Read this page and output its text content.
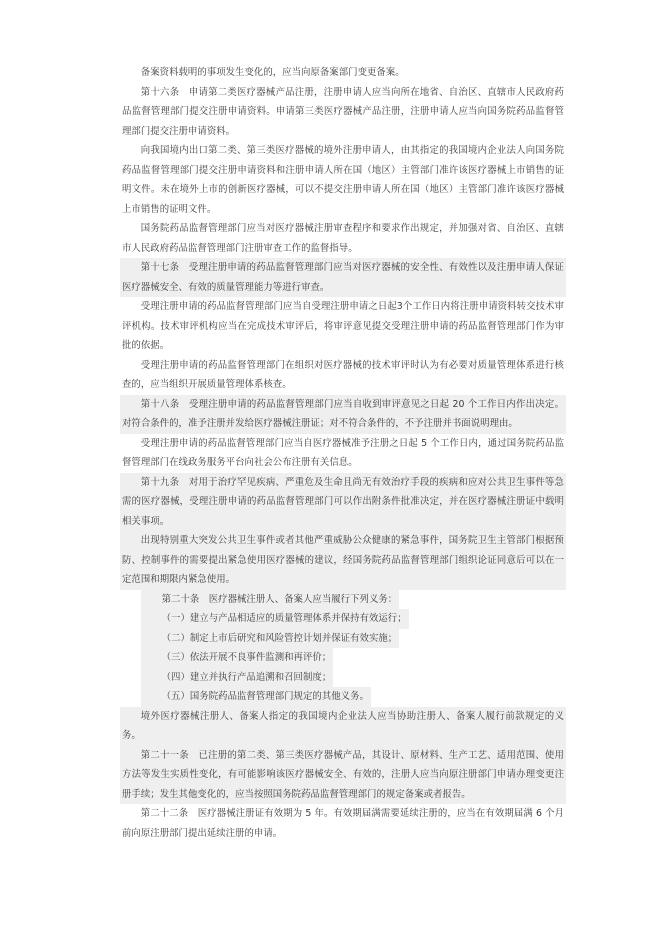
备案资料载明的事项发生变化的，应当向原备案部门变更备案。

第十六条　申请第二类医疗器械产品注册，注册申请人应当向所在地省、自治区、直辖市人民政府药品监督管理部门提交注册申请资料。申请第三类医疗器械产品注册，注册申请人应当向国务院药品监督管理部门提交注册申请资料。

向我国境内出口第二类、第三类医疗器械的境外注册申请人，由其指定的我国境内企业法人向国务院药品监督管理部门提交注册申请资料和注册申请人所在国（地区）主管部门准许该医疗器械上市销售的证明文件。未在境外上市的创新医疗器械，可以不提交注册申请人所在国（地区）主管部门准许该医疗器械上市销售的证明文件。

国务院药品监督管理部门应当对医疗器械注册审查程序和要求作出规定，并加强对省、自治区、直辖市人民政府药品监督管理部门注册审查工作的监督指导。

第十七条　受理注册申请的药品监督管理部门应当对医疗器械的安全性、有效性以及注册申请人保证医疗器械安全、有效的质量管理能力等进行审查。

受理注册申请的药品监督管理部门应当自受理注册申请之日起3个工作日内将注册申请资料转交技术审评机构。技术审评机构应当在完成技术审评后，将审评意见提交受理注册申请的药品监督管理部门作为审批的依据。

受理注册申请的药品监督管理部门在组织对医疗器械的技术审评时认为有必要对质量管理体系进行核查的，应当组织开展质量管理体系核查。

第十八条　受理注册申请的药品监督管理部门应当自收到审评意见之日起 20 个工作日内作出决定。对符合条件的，准予注册并发给医疗器械注册证；对不符合条件的，不予注册并书面说明理由。

受理注册申请的药品监督管理部门应当自医疗器械准予注册之日起 5 个工作日内，通过国务院药品监督管理部门在线政务服务平台向社会公布注册有关信息。

第十九条　对用于治疗罕见疾病、严重危及生命且尚无有效治疗手段的疾病和应对公共卫生事件等急需的医疗器械，受理注册申请的药品监督管理部门可以作出附条件批准决定，并在医疗器械注册证中载明相关事项。

出现特别重大突发公共卫生事件或者其他严重威胁公众健康的紧急事件，国务院卫生主管部门根据预防、控制事件的需要提出紧急使用医疗器械的建议，经国务院药品监督管理部门组织论证同意后可以在一定范围和期限内紧急使用。

第二十条　医疗器械注册人、备案人应当履行下列义务：

（一）建立与产品相适应的质量管理体系并保持有效运行；

（二）制定上市后研究和风险管控计划并保证有效实施；

（三）依法开展不良事件监测和再评价；

（四）建立并执行产品追溯和召回制度；

（五）国务院药品监督管理部门规定的其他义务。

境外医疗器械注册人、备案人指定的我国境内企业法人应当协助注册人、备案人履行前款规定的义务。

第二十一条　已注册的第二类、第三类医疗器械产品，其设计、原材料、生产工艺、适用范围、使用方法等发生实质性变化，有可能影响该医疗器械安全、有效的，注册人应当向原注册部门申请办理变更注册手续；发生其他变化的，应当按照国务院药品监督管理部门的规定备案或者报告。

第二十二条　医疗器械注册证有效期为 5 年。有效期届满需要延续注册的，应当在有效期届满 6 个月前向原注册部门提出延续注册的申请。
